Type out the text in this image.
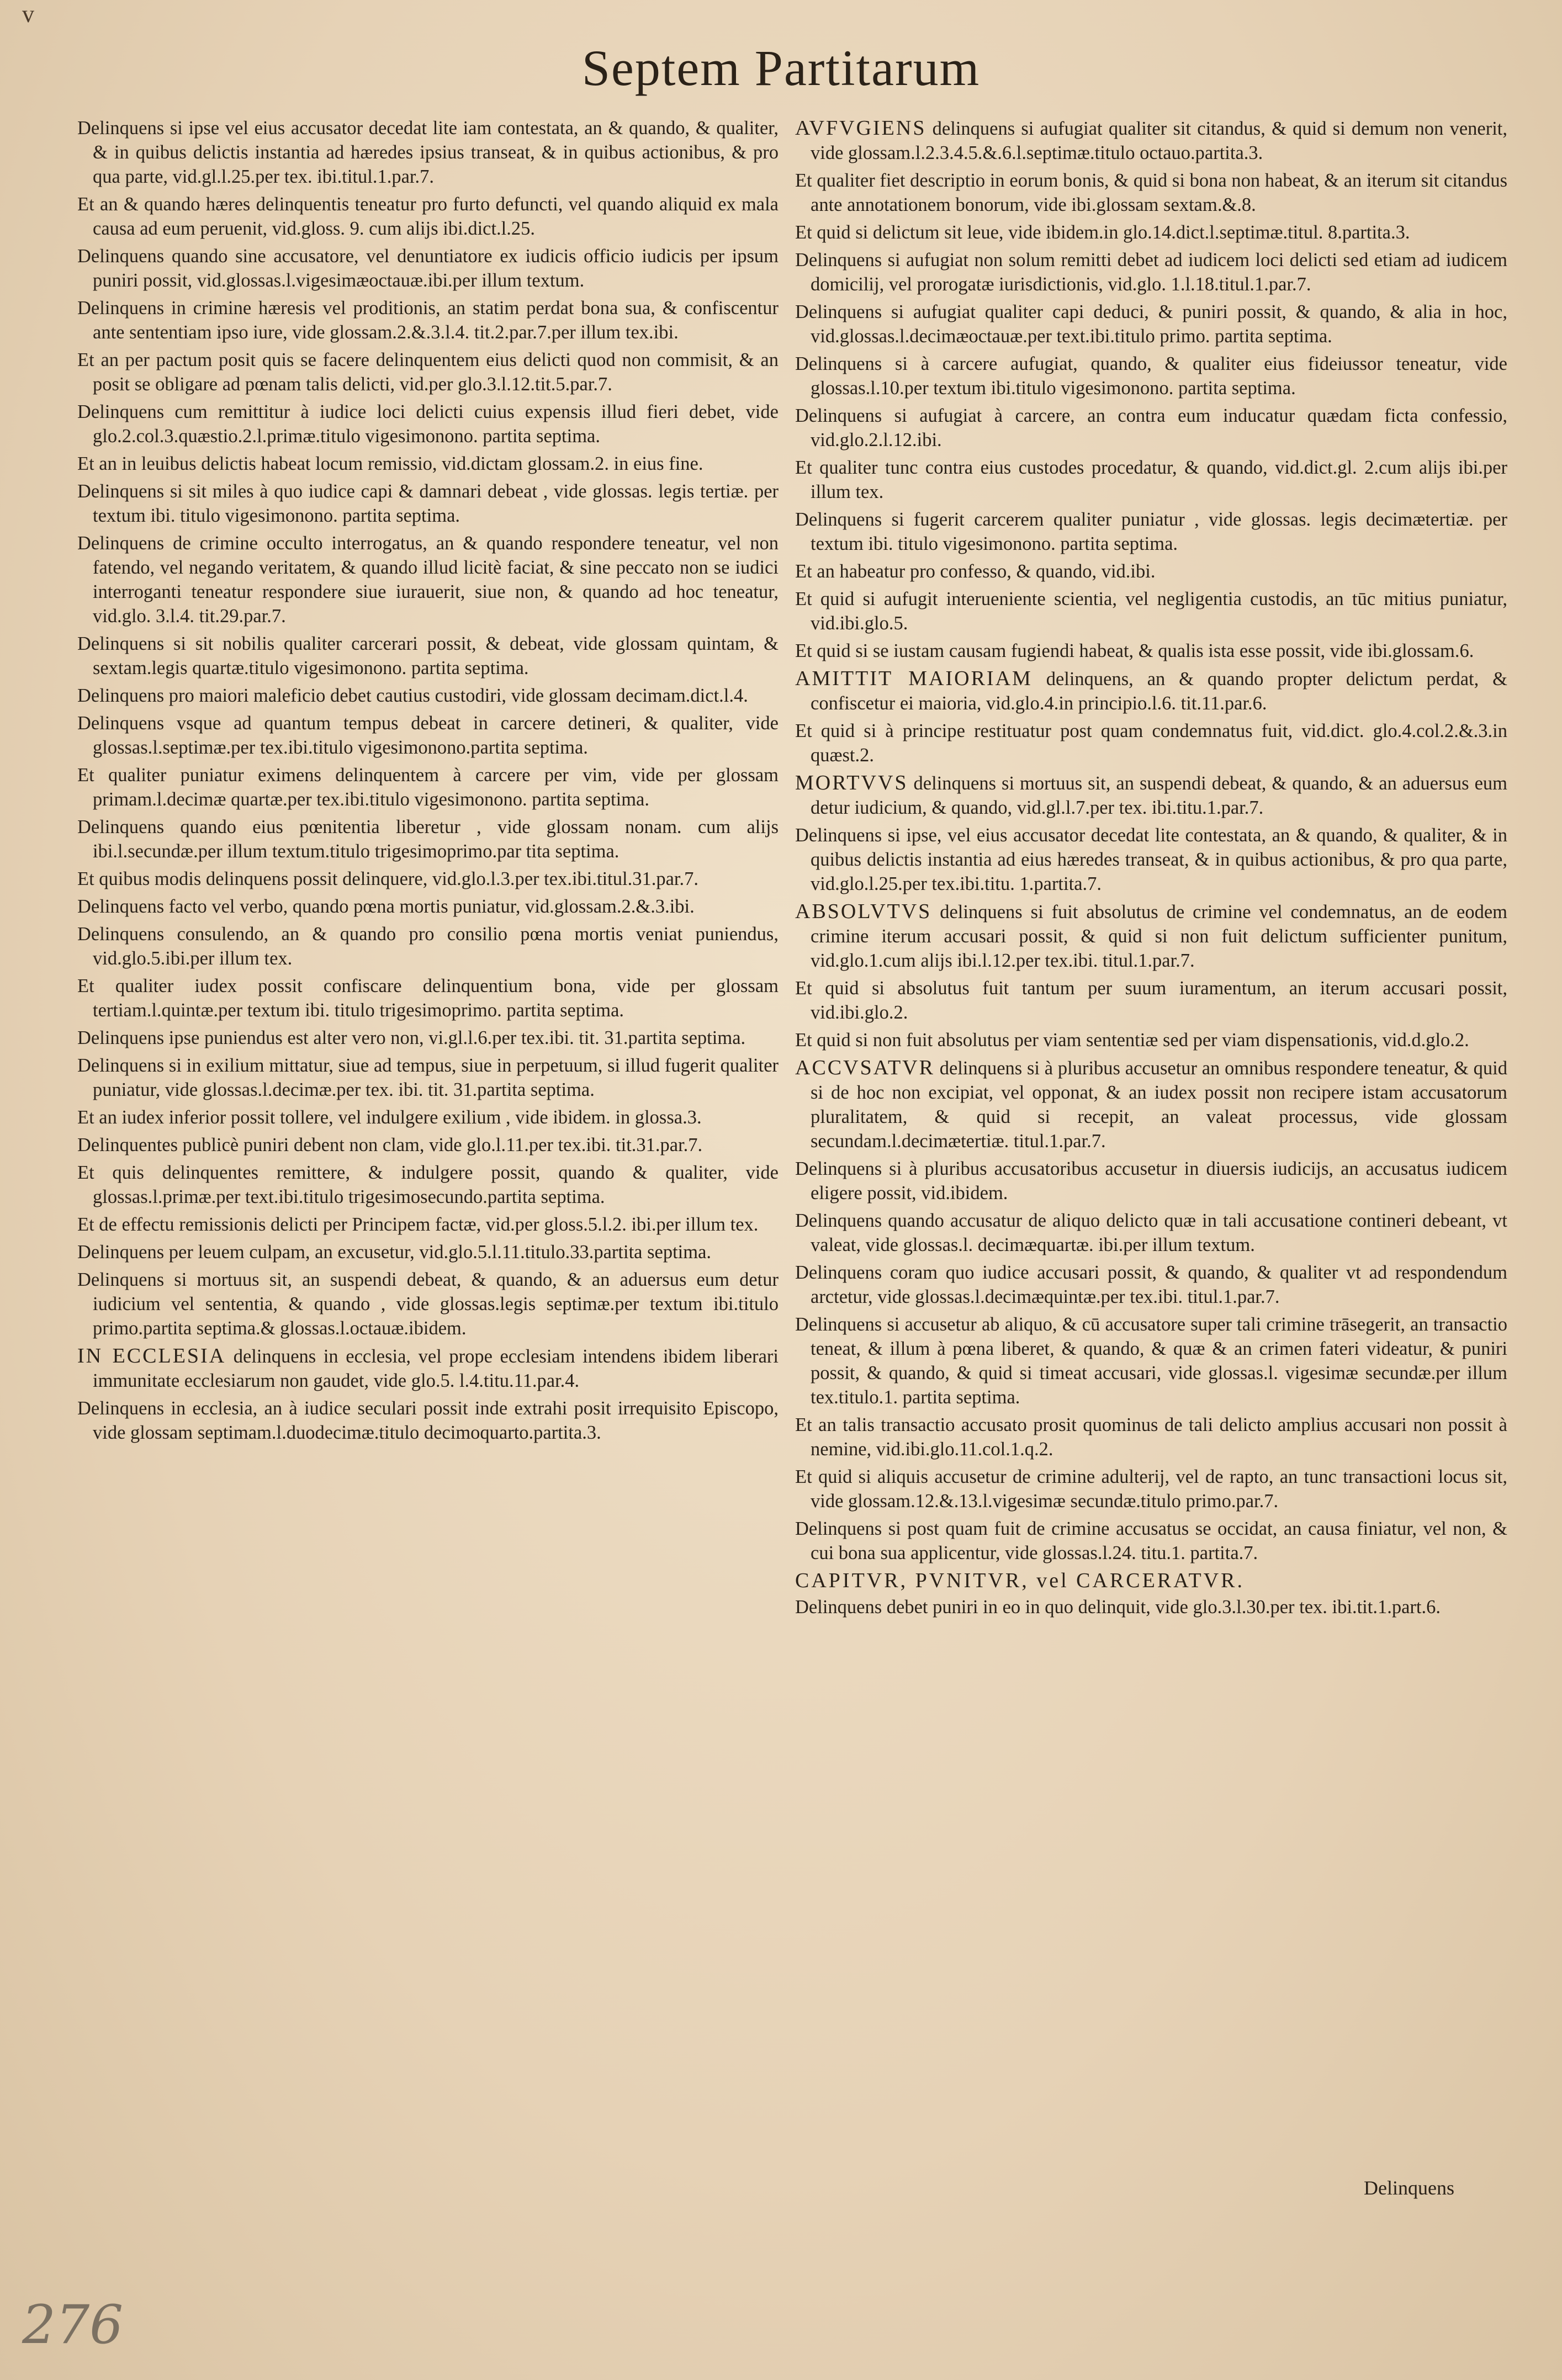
v
Septem Partitarum

Delinquens si ipse vel eius accusator decedat lite iam contestata, an & quando, & qualiter, & in quibus delictis instantia ad hæredes ipsius transeat, & in quibus actionibus, & pro qua parte, vid.gl.l.25.per tex. ibi.titul.1.par.7.

Et an & quando hæres delinquentis teneatur pro furto defuncti, vel quando aliquid ex mala causa ad eum peruenit, vid.gloss. 9. cum alijs ibi.dict.l.25.

Delinquens quando sine accusatore, vel denuntiatore ex iudicis officio iudicis per ipsum puniri possit, vid.glossas.l.vigesimæoctauæ.ibi.per illum textum.

Delinquens in crimine hæresis vel proditionis, an statim perdat bona sua, & confiscentur ante sententiam ipso iure, vide glossam.2.&.3.l.4. tit.2.par.7.per illum tex.ibi.

Et an per pactum posit quis se facere delinquentem eius delicti quod non commisit, & an posit se obligare ad pœnam talis delicti, vid.per glo.3.l.12.tit.5.par.7.

Delinquens cum remittitur à iudice loci delicti cuius expensis illud fieri debet, vide glo.2.col.3.quæstio.2.l.primæ.titulo vigesimonono. partita septima.

Et an in leuibus delictis habeat locum remissio, vid.dictam glossam.2. in eius fine.

Delinquens si sit miles à quo iudice capi & damnari debeat , vide glossas. legis tertiæ. per textum ibi. titulo vigesimonono. partita septima.

Delinquens de crimine occulto interrogatus, an & quando respondere teneatur, vel non fatendo, vel negando veritatem, & quando illud licitè faciat, & sine peccato non se iudici interroganti teneatur respondere siue iurauerit, siue non, & quando ad hoc teneatur, vid.glo. 3.l.4. tit.29.par.7.

Delinquens si sit nobilis qualiter carcerari possit, & debeat, vide glossam quintam, & sextam.legis quartæ.titulo vigesimonono. partita septima.

Delinquens pro maiori maleficio debet cautius custodiri, vide glossam decimam.dict.l.4.

Delinquens vsque ad quantum tempus debeat in carcere detineri, & qualiter, vide glossas.l.septimæ.per tex.ibi.titulo vigesimonono.partita septima.

Et qualiter puniatur eximens delinquentem à carcere per vim, vide per glossam primam.l.decimæ quartæ.per tex.ibi.titulo vigesimonono. partita septima.

Delinquens quando eius pœnitentia liberetur , vide glossam nonam. cum alijs ibi.l.secundæ.per illum textum.titulo trigesimoprimo.par tita septima.

Et quibus modis delinquens possit delinquere, vid.glo.l.3.per tex.ibi.titul.31.par.7.

Delinquens facto vel verbo, quando pœna mortis puniatur, vid.glossam.2.&.3.ibi.

Delinquens consulendo, an & quando pro consilio pœna mortis veniat puniendus, vid.glo.5.ibi.per illum tex.

Et qualiter iudex possit confiscare delinquentium bona, vide per glossam tertiam.l.quintæ.per textum ibi. titulo trigesimoprimo. partita septima.

Delinquens ipse puniendus est alter vero non, vi.gl.l.6.per tex.ibi. tit. 31.partita septima.

Delinquens si in exilium mittatur, siue ad tempus, siue in perpetuum, si illud fugerit qualiter puniatur, vide glossas.l.decimæ.per tex. ibi. tit. 31.partita septima.

Et an iudex inferior possit tollere, vel indulgere exilium , vide ibidem. in glossa.3.

Delinquentes publicè puniri debent non clam, vide glo.l.11.per tex.ibi. tit.31.par.7.

Et quis delinquentes remittere, & indulgere possit, quando & qualiter, vide glossas.l.primæ.per text.ibi.titulo trigesimosecundo.partita septima.

Et de effectu remissionis delicti per Principem factæ, vid.per gloss.5.l.2. ibi.per illum tex.

Delinquens per leuem culpam, an excusetur, vid.glo.5.l.11.titulo.33.partita septima.

Delinquens si mortuus sit, an suspendi debeat, & quando, & an aduersus eum detur iudicium vel sententia, & quando , vide glossas.legis septimæ.per textum ibi.titulo primo.partita septima.& glossas.l.octauæ.ibidem.

IN ECCLESIA delinquens in ecclesia, vel prope ecclesiam intendens ibidem liberari immunitate ecclesiarum non gaudet, vide glo.5. l.4.titu.11.par.4.

Delinquens in ecclesia, an à iudice seculari possit inde extrahi posit irrequisito Episcopo, vide glossam septimam.l.duodecimæ.titulo decimoquarto.partita.3.

AVFVGIENS delinquens si aufugiat qualiter sit citandus, & quid si demum non venerit, vide glossam.l.2.3.4.5.&.6.l.septimæ.titulo octauo.partita.3.

Et qualiter fiet descriptio in eorum bonis, & quid si bona non habeat, & an iterum sit citandus ante annotationem bonorum, vide ibi.glossam sextam.&.8.

Et quid si delictum sit leue, vide ibidem.in glo.14.dict.l.septimæ.titul. 8.partita.3.

Delinquens si aufugiat non solum remitti debet ad iudicem loci delicti sed etiam ad iudicem domicilij, vel prorogatæ iurisdictionis, vid.glo. 1.l.18.titul.1.par.7.

Delinquens si aufugiat qualiter capi deduci, & puniri possit, & quando, & alia in hoc, vid.glossas.l.decimæoctauæ.per text.ibi.titulo primo. partita septima.

Delinquens si à carcere aufugiat, quando, & qualiter eius fideiussor teneatur, vide glossas.l.10.per textum ibi.titulo vigesimonono. partita septima.

Delinquens si aufugiat à carcere, an contra eum inducatur quædam ficta confessio, vid.glo.2.l.12.ibi.

Et qualiter tunc contra eius custodes procedatur, & quando, vid.dict.gl. 2.cum alijs ibi.per illum tex.

Delinquens si fugerit carcerem qualiter puniatur , vide glossas. legis decimætertiæ. per textum ibi. titulo vigesimonono. partita septima.

Et an habeatur pro confesso, & quando, vid.ibi.

Et quid si aufugit interueniente scientia, vel negligentia custodis, an tūc mitius puniatur, vid.ibi.glo.5.

Et quid si se iustam causam fugiendi habeat, & qualis ista esse possit, vide ibi.glossam.6.

AMITTIT MAIORIAM delinquens, an & quando propter delictum perdat, & confiscetur ei maioria, vid.glo.4.in principio.l.6. tit.11.par.6.

Et quid si à principe restituatur post quam condemnatus fuit, vid.dict. glo.4.col.2.&.3.in quæst.2.

MORTVVS delinquens si mortuus sit, an suspendi debeat, & quando, & an aduersus eum detur iudicium, & quando, vid.gl.l.7.per tex. ibi.titu.1.par.7.

Delinquens si ipse, vel eius accusator decedat lite contestata, an & quando, & qualiter, & in quibus delictis instantia ad eius hæredes transeat, & in quibus actionibus, & pro qua parte, vid.glo.l.25.per tex.ibi.titu. 1.partita.7.

ABSOLVTVS delinquens si fuit absolutus de crimine vel condemnatus, an de eodem crimine iterum accusari possit, & quid si non fuit delictum sufficienter punitum, vid.glo.1.cum alijs ibi.l.12.per tex.ibi. titul.1.par.7.

Et quid si absolutus fuit tantum per suum iuramentum, an iterum accusari possit, vid.ibi.glo.2.

Et quid si non fuit absolutus per viam sententiæ sed per viam dispensationis, vid.d.glo.2.

ACCVSATVR delinquens si à pluribus accusetur an omnibus respondere teneatur, & quid si de hoc non excipiat, vel opponat, & an iudex possit non recipere istam accusatorum pluralitatem, & quid si recepit, an valeat processus, vide glossam secundam.l.decimætertiæ. titul.1.par.7.

Delinquens si à pluribus accusatoribus accusetur in diuersis iudicijs, an accusatus iudicem eligere possit, vid.ibidem.

Delinquens quando accusatur de aliquo delicto quæ in tali accusatione contineri debeant, vt valeat, vide glossas.l. decimæquartæ. ibi.per illum textum.

Delinquens coram quo iudice accusari possit, & quando, & qualiter vt ad respondendum arctetur, vide glossas.l.decimæquintæ.per tex.ibi. titul.1.par.7.

Delinquens si accusetur ab aliquo, & cū accusatore super tali crimine trāsegerit, an transactio teneat, & illum à pœna liberet, & quando, & quæ & an crimen fateri videatur, & puniri possit, & quando, & quid si timeat accusari, vide glossas.l. vigesimæ secundæ.per illum tex.titulo.1. partita septima.

Et an talis transactio accusato prosit quominus de tali delicto amplius accusari non possit à nemine, vid.ibi.glo.11.col.1.q.2.

Et quid si aliquis accusetur de crimine adulterij, vel de rapto, an tunc transactioni locus sit, vide glossam.12.&.13.l.vigesimæ secundæ.titulo primo.par.7.

Delinquens si post quam fuit de crimine accusatus se occidat, an causa finiatur, vel non, & cui bona sua applicentur, vide glossas.l.24. titu.1. partita.7.

CAPITVR, PVNITVR, vel CARCERATVR.

Delinquens debet puniri in eo in quo delinquit, vide glo.3.l.30.per tex. ibi.tit.1.part.6.

Delinquens
276
